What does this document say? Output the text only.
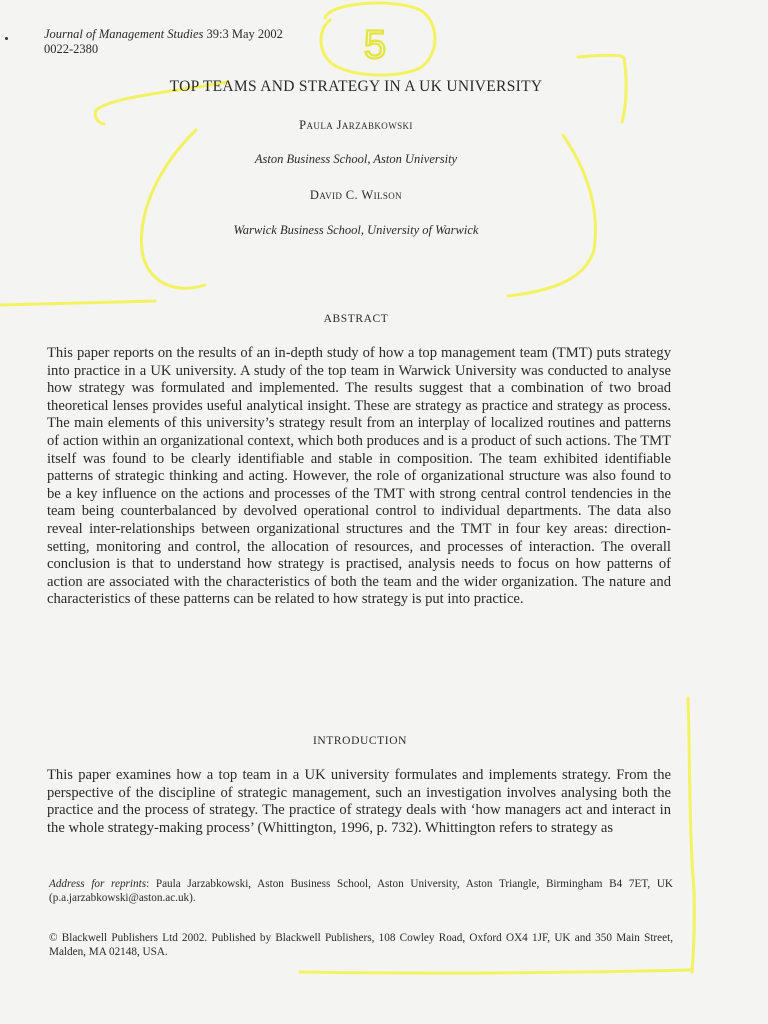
Journal of Management Studies 39:3 May 2002
0022-2380	5
TOP TEAMS AND STRATEGY IN A UK UNIVERSITY
Paula Jarzabkowski
Aston Business School, Aston University
David C. Wilson
Warwick Business School, University of Warwick
ABSTRACT
This paper reports on the results of an in-depth study of how a top management team (TMT) puts strategy into practice in a UK university. A study of the top team in Warwick University was conducted to analyse how strategy was formulated and implemented. The results suggest that a combination of two broad theoretical lenses provides useful analytical insight. These are strategy as practice and strategy as process. The main elements of this university’s strategy result from an interplay of localized routines and patterns of action within an organizational context, which both produces and is a product of such actions. The TMT itself was found to be clearly identifiable and stable in composition. The team exhibited identifiable patterns of strategic thinking and acting. However, the role of organizational structure was also found to be a key influence on the actions and processes of the TMT with strong central control tendencies in the team being counterbalanced by devolved operational control to individual departments. The data also reveal inter-relationships between organizational structures and the TMT in four key areas: direction-setting, monitoring and control, the allocation of resources, and processes of interaction. The overall conclusion is that to understand how strategy is practised, analysis needs to focus on how patterns of action are associated with the characteristics of both the team and the wider organization. The nature and characteristics of these patterns can be related to how strategy is put into practice.
INTRODUCTION
This paper examines how a top team in a UK university formulates and implements strategy. From the perspective of the discipline of strategic management, such an investigation involves analysing both the practice and the process of strategy. The practice of strategy deals with ‘how managers act and interact in the whole strategy-making process’ (Whittington, 1996, p. 732). Whittington refers to strategy as
Address for reprints: Paula Jarzabkowski, Aston Business School, Aston University, Aston Triangle, Birmingham B4 7ET, UK (p.a.jarzabkowski@aston.ac.uk).
© Blackwell Publishers Ltd 2002. Published by Blackwell Publishers, 108 Cowley Road, Oxford OX4 1JF, UK and 350 Main Street, Malden, MA 02148, USA.
